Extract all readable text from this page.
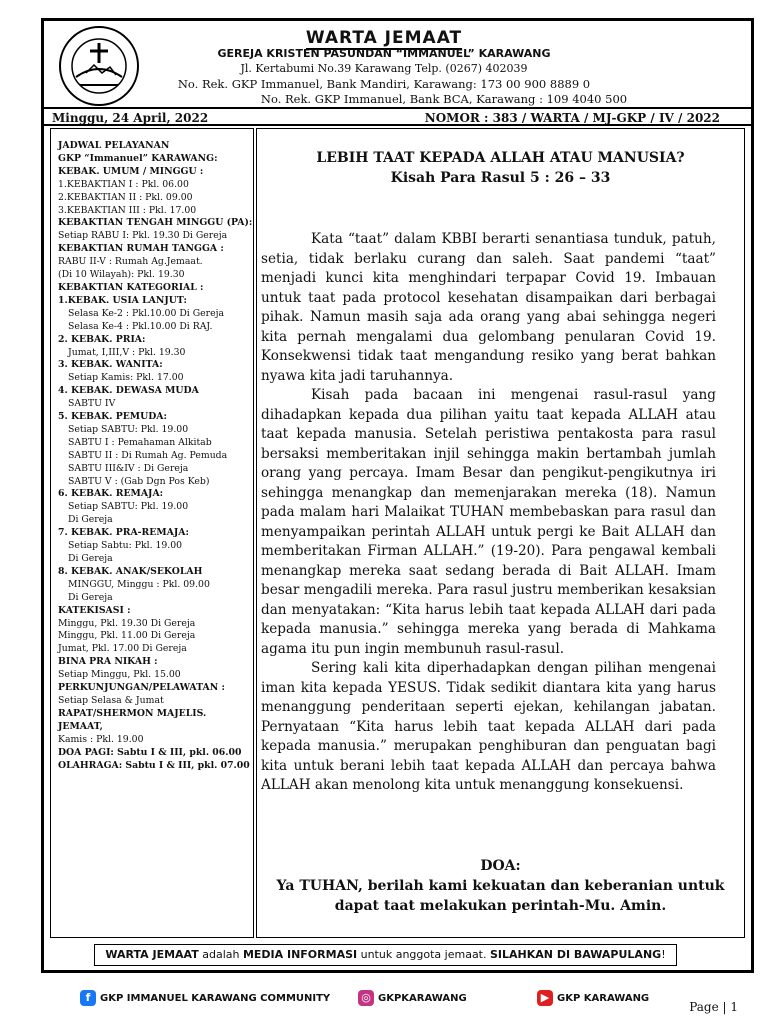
WARTA JEMAAT
GEREJA KRISTEN PASUNDAN “IMMANUEL” KARAWANG
Jl. Kertabumi No.39 Karawang Telp. (0267) 402039
No. Rek. GKP Immanuel, Bank Mandiri, Karawang: 173 00 900 8889 0
No. Rek. GKP Immanuel, Bank BCA, Karawang : 109 4040 500
Minggu, 24 April, 2022	NOMOR : 383 / WARTA / MJ-GKP / IV / 2022
JADWAL PELAYANAN
GKP “Immanuel” KARAWANG:
KEBAK. UMUM / MINGGU :
1.KEBAKTIAN I : Pkl. 06.00
2.KEBAKTIAN II : Pkl. 09.00
3.KEBAKTIAN III : Pkl. 17.00
KEBAKTIAN TENGAH MINGGU (PA):
Setiap RABU I: Pkl. 19.30 Di Gereja
KEBAKTIAN RUMAH TANGGA :
RABU II-V : Rumah Ag.Jemaat.
(Di 10 Wilayah): Pkl. 19.30
KEBAKTIAN KATEGORIAL :
1.KEBAK. USIA LANJUT:
Selasa Ke-2 : Pkl.10.00 Di Gereja
Selasa Ke-4 : Pkl.10.00 Di RAJ.
2. KEBAK. PRIA:
Jumat, I,III,V : Pkl. 19.30
3. KEBAK. WANITA:
Setiap Kamis: Pkl. 17.00
4. KEBAK. DEWASA MUDA
SABTU IV
5. KEBAK. PEMUDA:
Setiap SABTU: Pkl. 19.00
SABTU I : Pemahaman Alkitab
SABTU II : Di Rumah Ag. Pemuda
SABTU III&IV : Di Gereja
SABTU V : (Gab Dgn Pos Keb)
6. KEBAK. REMAJA:
Setiap SABTU: Pkl. 19.00
Di Gereja
7. KEBAK. PRA-REMAJA:
Setiap Sabtu: Pkl. 19.00
Di Gereja
8. KEBAK. ANAK/SEKOLAH
MINGGU, Minggu : Pkl. 09.00
Di Gereja
KATEKISASI :
Minggu, Pkl. 19.30 Di Gereja
Minggu, Pkl. 11.00 Di Gereja
Jumat, Pkl. 17.00 Di Gereja
BINA PRA NIKAH :
Setiap Minggu, Pkl. 15.00
PERKUNJUNGAN/PELAWATAN :
Setiap Selasa & Jumat
RAPAT/SHERMON MAJELIS.
JEMAAT,
Kamis : Pkl. 19.00
DOA PAGI: Sabtu I & III, pkl. 06.00
OLAHRAGA: Sabtu I & III, pkl. 07.00
LEBIH TAAT KEPADA ALLAH ATAU MANUSIA?
Kisah Para Rasul 5 : 26 – 33

Kata “taat” dalam KBBI berarti senantiasa tunduk, patuh, setia, tidak berlaku curang dan saleh. Saat pandemi “taat” menjadi kunci kita menghindari terpapar Covid 19. Imbauan untuk taat pada protocol kesehatan disampaikan dari berbagai pihak. Namun masih saja ada orang yang abai sehingga negeri kita pernah mengalami dua gelombang penularan Covid 19. Konsekwensi tidak taat mengandung resiko yang berat bahkan nyawa kita jadi taruhannya.

Kisah pada bacaan ini mengenai rasul-rasul yang dihadapkan kepada dua pilihan yaitu taat kepada ALLAH atau taat kepada manusia. Setelah peristiwa pentakosta para rasul bersaksi memberitakan injil sehingga makin bertambah jumlah orang yang percaya. Imam Besar dan pengikut-pengikutnya iri sehingga menangkap dan memenjarakan mereka (18). Namun pada malam hari Malaikat TUHAN membebaskan para rasul dan menyampaikan perintah ALLAH untuk pergi ke Bait ALLAH dan memberitakan Firman ALLAH.” (19-20). Para pengawal kembali menangkap mereka saat sedang berada di Bait ALLAH. Imam besar mengadili mereka. Para rasul justru memberikan kesaksian dan menyatakan: “Kita harus lebih taat kepada ALLAH dari pada kepada manusia.” sehingga mereka yang berada di Mahkama agama itu pun ingin membunuh rasul-rasul.

Sering kali kita diperhadapkan dengan pilihan mengenai iman kita kepada YESUS. Tidak sedikit diantara kita yang harus menanggung penderitaan seperti ejekan, kehilangan jabatan. Pernyataan “Kita harus lebih taat kepada ALLAH dari pada kepada manusia.” merupakan penghiburan dan penguatan bagi kita untuk berani lebih taat kepada ALLAH dan percaya bahwa ALLAH akan menolong kita untuk menanggung konsekuensi.

DOA:
Ya TUHAN, berilah kami kekuatan dan keberanian untuk
dapat taat melakukan perintah-Mu. Amin.
WARTA JEMAAT adalah MEDIA INFORMASI untuk anggota jemaat. SILAHKAN DI BAWAPULANG!
Page | 1
f GKP IMMANUEL KARAWANG COMMUNITY	◎ GKPKARAWANG	▶ GKP KARAWANG
